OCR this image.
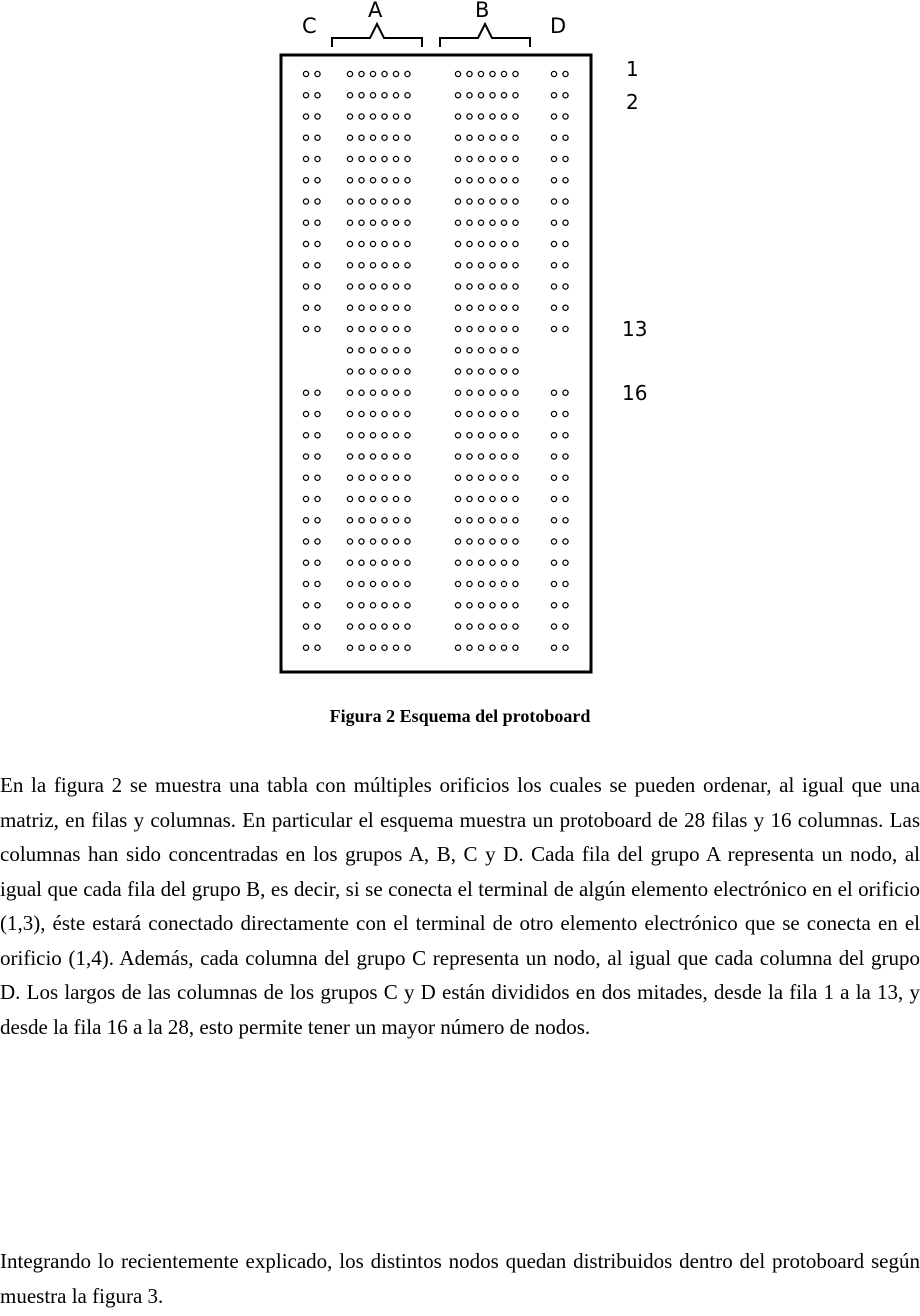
C
A	B
D
1
2
13
16
Figura 2 Esquema del protoboard

En la figura 2 se muestra una tabla con múltiples orificios los cuales se pueden ordenar, al igual que una matriz, en filas y columnas. En particular el esquema muestra un protoboard de 28 filas y 16 columnas. Las columnas han sido concentradas en los grupos A, B, C y D. Cada fila del grupo A representa un nodo, al igual que cada fila del grupo B, es decir, si se conecta el terminal de algún elemento electrónico en el orificio (1,3), éste estará conectado directamente con el terminal de otro elemento electrónico que se conecta en el orificio (1,4). Además, cada columna del grupo C representa un nodo, al igual que cada columna del grupo D. Los largos de las columnas de los grupos C y D están divididos en dos mitades, desde la fila 1 a la 13, y desde la fila 16 a la 28, esto permite tener un mayor número de nodos.

Integrando lo recientemente explicado, los distintos nodos quedan distribuidos dentro del protoboard según muestra la figura 3.
